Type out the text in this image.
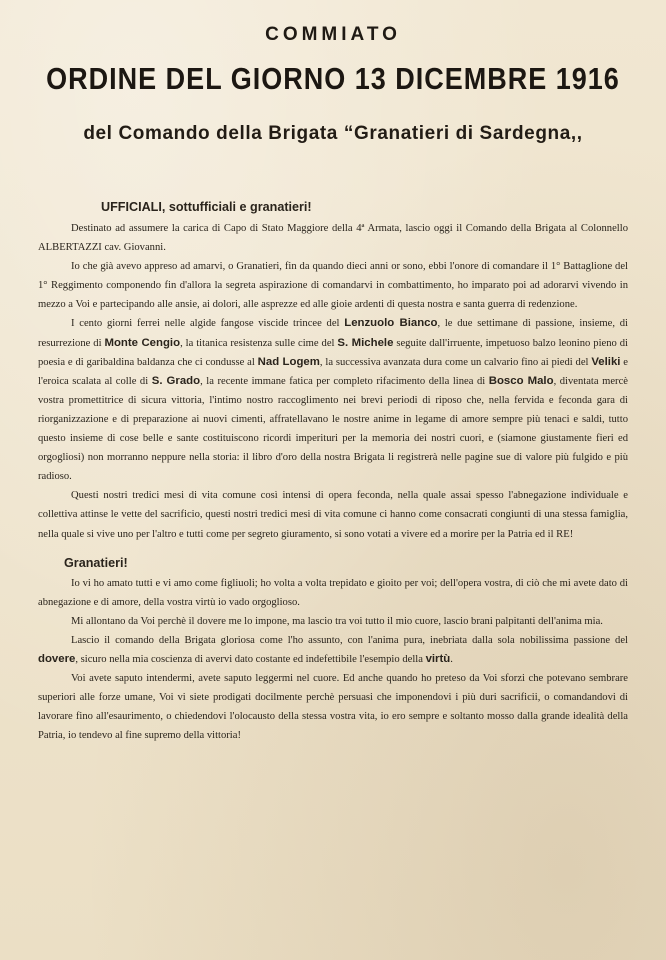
COMMIATO
ORDINE DEL GIORNO 13 DICEMBRE 1916
del Comando della Brigata “Granatieri di Sardegna,,
UFFICIALI, sottufficiali e granatieri!

Destinato ad assumere la carica di Capo di Stato Maggiore della 4ª Armata, lascio oggi il Comando della Brigata al Colonnello ALBERTAZZI cav. Giovanni.

Io che già avevo appreso ad amarvi, o Granatieri, fin da quando dieci anni or sono, ebbi l'onore di comandare il 1° Battaglione del 1° Reggimento componendo fin d'allora la segreta aspirazione di comandarvi in combattimento, ho imparato poi ad adorarvi vivendo in mezzo a Voi e partecipando alle ansie, ai dolori, alle asprezze ed alle gioie ardenti di questa nostra e santa guerra di redenzione.

I cento giorni ferrei nelle algide fangose viscide trincee del Lenzuolo Bianco, le due settimane di passione, insieme, di resurrezione di Monte Cengio, la titanica resistenza sulle cime del S. Michele seguite dall'irruente, impetuoso balzo leonino pieno di poesia e di garibaldina baldanza che ci condusse al Nad Logem, la successiva avanzata dura come un calvario fino ai piedi del Veliki e l'eroica scalata al colle di S. Grado, la recente immane fatica per completo rifacimento della linea di Bosco Malo, diventata mercè vostra promettitrice di sicura vittoria, l'intimo nostro raccoglimento nei brevi periodi di riposo che, nella fervida e feconda gara di riorganizzazione e di preparazione ai nuovi cimenti, affratellavano le nostre anime in legame di amore sempre più tenaci e saldi, tutto questo insieme di cose belle e sante costituiscono ricordi imperituri per la memoria dei nostri cuori, e (siamone giustamente fieri ed orgogliosi) non morranno neppure nella storia: il libro d'oro della nostra Brigata li registrerà nelle pagine sue di valore più fulgido e più radioso.

Questi nostri tredici mesi di vita comune così intensi di opera feconda, nella quale assai spesso l'abnegazione individuale e collettiva attinse le vette del sacrificio, questi nostri tredici mesi di vita comune ci hanno come consacrati congiunti di una stessa famiglia, nella quale si vive uno per l'altro e tutti come per segreto giuramento, si sono votati a vivere ed a morire per la Patria ed il RE!

Granatieri!

Io vi ho amato tutti e vi amo come figliuoli; ho volta a volta trepidato e gioito per voi; dell'opera vostra, di ciò che mi avete dato di abnegazione e di amore, della vostra virtù io vado orgoglioso.

Mi allontano da Voi perchè il dovere me lo impone, ma lascio tra voi tutto il mio cuore, lascio brani palpitanti dell'anima mia.

Lascio il comando della Brigata gloriosa come l'ho assunto, con l'anima pura, inebriata dalla sola nobilissima passione del dovere, sicuro nella mia coscienza di avervi dato costante ed indefettibile l'esempio della virtù.

Voi avete saputo intendermi, avete saputo leggermi nel cuore. Ed anche quando ho preteso da Voi sforzi che potevano sembrare superiori alle forze umane, Voi vi siete prodigati docilmente perchè persuasi che imponendovi i più duri sacrificii, o comandandovi di lavorare fino all'esaurimento, o chiedendovi l'olocausto della stessa vostra vita, io ero sempre e soltanto mosso dalla grande idealità della Patria, io tendevo al fine supremo della vittoria!
